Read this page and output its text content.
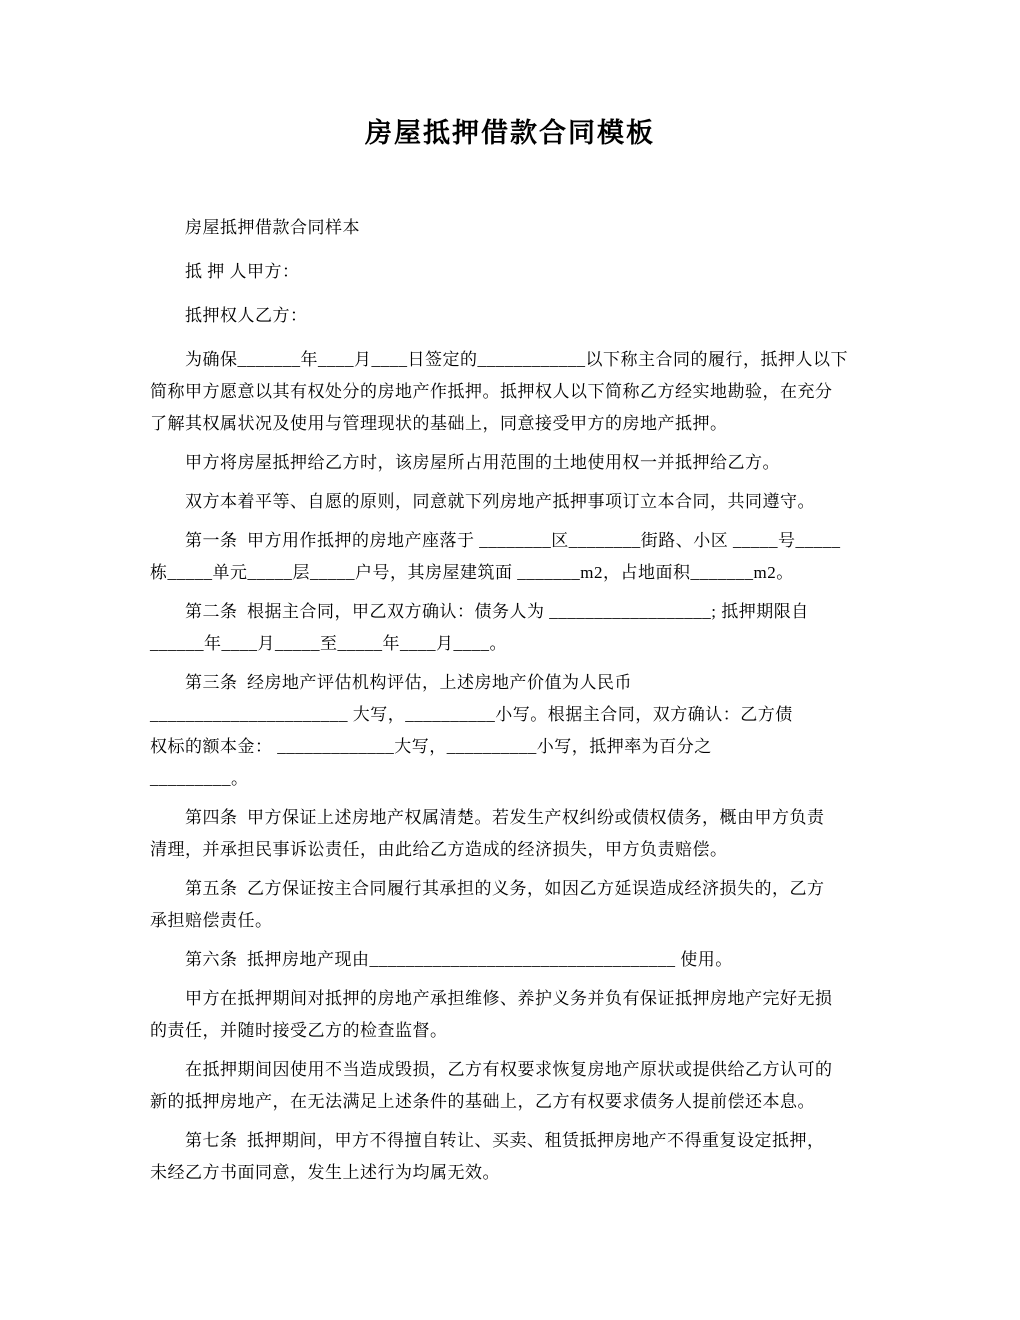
房屋抵押借款合同模板

房屋抵押借款合同样本

抵 押 人甲方：

抵押权人乙方：

为确保_______年____月____日签定的____________以下称主合同的履行，抵押人以下
简称甲方愿意以其有权处分的房地产作抵押。抵押权人以下简称乙方经实地勘验，在充分
了解其权属状况及使用与管理现状的基础上，同意接受甲方的房地产抵押。

甲方将房屋抵押给乙方时，该房屋所占用范围的土地使用权一并抵押给乙方。

双方本着平等、自愿的原则，同意就下列房地产抵押事项订立本合同，共同遵守。

第一条  甲方用作抵押的房地产座落于 ________区________街路、小区 _____号_____
栋_____单元_____层_____户号，其房屋建筑面 _______m2，占地面积_______m2。

第二条  根据主合同，甲乙双方确认：债务人为 __________________; 抵押期限自
______年____月_____至_____年____月____。

第三条  经房地产评估机构评估，上述房地产价值为人民币
______________________ 大写，__________小写。根据主合同，双方确认：乙方债
权标的额本金： _____________大写，__________小写，抵押率为百分之
_________。

第四条  甲方保证上述房地产权属清楚。若发生产权纠纷或债权债务，概由甲方负责
清理，并承担民事诉讼责任，由此给乙方造成的经济损失，甲方负责赔偿。

第五条  乙方保证按主合同履行其承担的义务，如因乙方延误造成经济损失的，乙方
承担赔偿责任。

第六条  抵押房地产现由__________________________________ 使用。

甲方在抵押期间对抵押的房地产承担维修、养护义务并负有保证抵押房地产完好无损
的责任，并随时接受乙方的检查监督。

在抵押期间因使用不当造成毁损，乙方有权要求恢复房地产原状或提供给乙方认可的
新的抵押房地产，在无法满足上述条件的基础上，乙方有权要求债务人提前偿还本息。

第七条  抵押期间，甲方不得擅自转让、买卖、租赁抵押房地产不得重复设定抵押，
未经乙方书面同意，发生上述行为均属无效。
